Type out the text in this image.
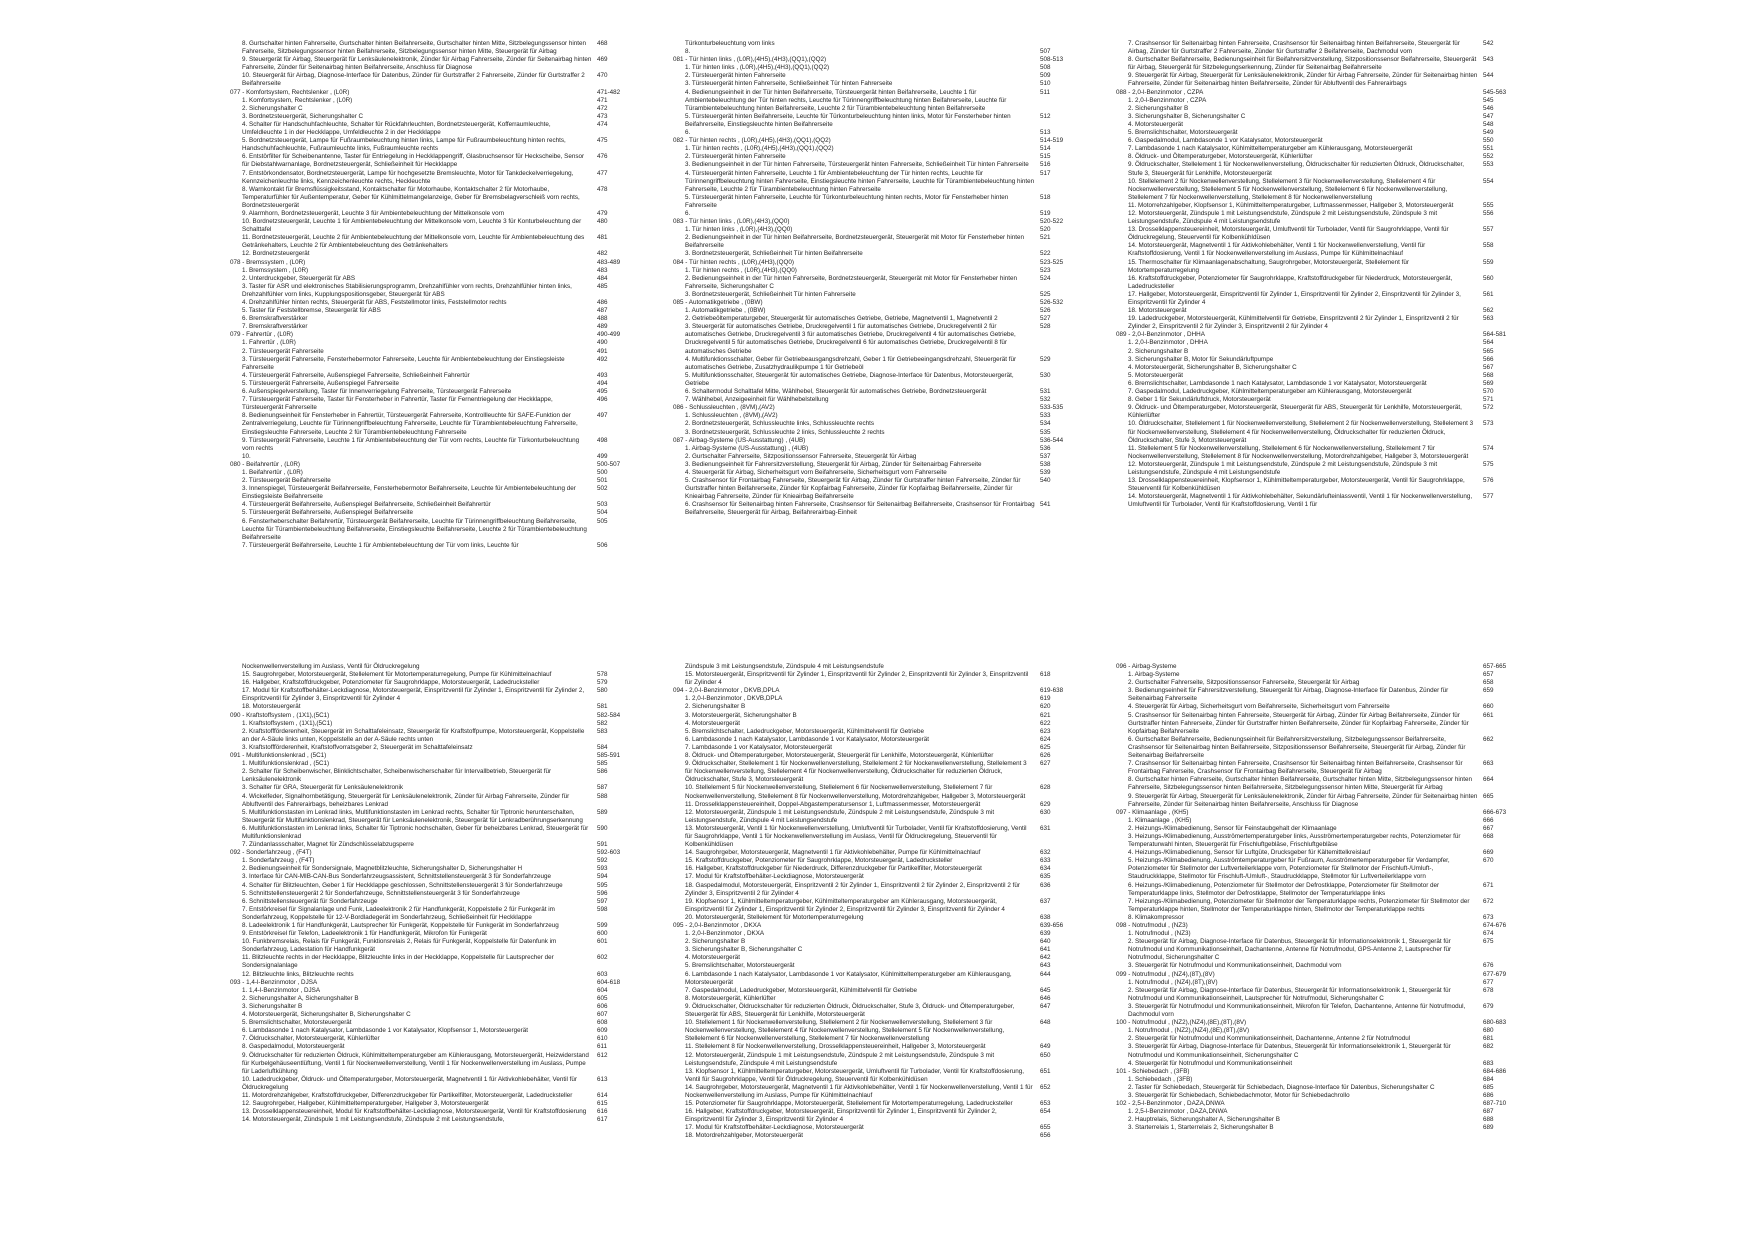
8. Gurtschalter hinten Fahrerseite, Gurtschalter hinten Beifahrerseite, Gurtschalter hinten Mitte, Sitzbelegungssensor hinten Fahrerseite, Sitzbelegungssensor hinten Beifahrerseite, Sitzbelegungssensor hinten Mitte, Steuergerät für Airbag
468
9. Steuergerät für Airbag, Steuergerät für Lenksäulenelektronik, Zünder für Airbag Fahrerseite, Zünder für Seitenairbag hinten Fahrerseite, Zünder für Seitenairbag hinten Beifahrerseite, Anschluss für Diagnose
469
10. Steuergerät für Airbag, Diagnose-Interface für Datenbus, Zünder für Gurtstraffer 2 Fahrerseite, Zünder für Gurtstraffer 2 Beifahrerseite
470
077 - Komfortsystem, Rechtslenker , (L0R)	471-482
1. Komfortsystem, Rechtslenker , (L0R)	471
2. Sicherungshalter C	472
3. Bordnetzsteuergerät, Sicherungshalter C	473
4. Schalter für Handschuhfachleuchte, Schalter für Rückfahrleuchten, Bordnetzsteuergerät, Kofferraumleuchte, Umfeldleuchte 1 in der Heckklappe, Umfeldleuchte 2 in der Heckklappe
474
5. Bordnetzsteuergerät, Lampe für Fußraumbeleuchtung hinten links, Lampe für Fußraumbeleuchtung hinten rechts, Handschuhfachleuchte, Fußraumleuchte links, Fußraumleuchte rechts
475
6. Entstörfilter für Scheibenantenne, Taster für Entriegelung in Heckklappengriff, Glasbruchsensor für Heckscheibe, Sensor für Diebstahlwarnanlage, Bordnetzsteuergerät, Schließeinheit für Heckklappe
476
7. Entstörkondensator, Bordnetzsteuergerät, Lampe für hochgesetzte Bremsleuchte, Motor für Tankdeckelverriegelung, Kennzeichenleuchte links, Kennzeichenleuchte rechts, Heckleuchte
477
8. Warnkontakt für Bremsflüssigkeitsstand, Kontaktschalter für Motorhaube, Kontaktschalter 2 für Motorhaube, Temperaturfühler für Außentemperatur, Geber für Kühlmittelmangelanzeige, Geber für Bremsbelagverschleiß vorn rechts, Bordnetzsteuergerät
478
9. Alarmhorn, Bordnetzsteuergerät, Leuchte 3 für Ambientebeleuchtung der Mittelkonsole vorn	479
10. Bordnetzsteuergerät, Leuchte 1 für Ambientebeleuchtung der Mittelkonsole vorn, Leuchte 3 für Konturbeleuchtung der Schalttafel
480
11. Bordnetzsteuergerät, Leuchte 2 für Ambientebeleuchtung der Mittelkonsole vorn, Leuchte für Ambientebeleuchtung des Getränkehalters, Leuchte 2 für Ambientebeleuchtung des Getränkehalters
481
12. Bordnetzsteuergerät	482
078 - Bremssystem , (L0R)	483-489
1. Bremssystem , (L0R)	483
2. Unterdruckgeber, Steuergerät für ABS	484
3. Taster für ASR und elektronisches Stabilisierungsprogramm, Drehzahlfühler vorn rechts, Drehzahlfühler hinten links, Drehzahlfühler vorn links, Kupplungspositionsgeber, Steuergerät für ABS
485
4. Drehzahlfühler hinten rechts, Steuergerät für ABS, Feststellmotor links, Feststellmotor rechts	486
5. Taster für Feststellbremse, Steuergerät für ABS	487
6. Bremskraftverstärker	488
7. Bremskraftverstärker	489
079 - Fahrertür , (L0R)	490-499
1. Fahrertür , (L0R)	490
2. Türsteuergerät Fahrerseite	491
3. Türsteuergerät Fahrerseite, Fensterhebermotor Fahrerseite, Leuchte für Ambientebeleuchtung der Einstiegsleiste Fahrerseite
492
4. Türsteuergerät Fahrerseite, Außenspiegel Fahrerseite, Schließeinheit Fahrertür	493
5. Türsteuergerät Fahrerseite, Außenspiegel Fahrerseite	494
6. Außenspiegelverstellung, Taster für Innenverriegelung Fahrerseite, Türsteuergerät Fahrerseite	495
7. Türsteuergerät Fahrerseite, Taster für Fensterheber in Fahrertür, Taster für Fernentriegelung der Heckklappe, Türsteuergerät Fahrerseite
496
8. Bedienungseinheit für Fensterheber in Fahrertür, Türsteuergerät Fahrerseite, Kontrollleuchte für SAFE-Funktion der Zentralverriegelung, Leuchte für Türinnengriffbeleuchtung Fahrerseite, Leuchte für Türambientebeleuchtung Fahrerseite, Einstiegsleuchte Fahrerseite, Leuchte 2 für Türambientebeleuchtung Fahrerseite
497
9. Türsteuergerät Fahrerseite, Leuchte 1 für Ambientebeleuchtung der Tür vorn rechts, Leuchte für Türkonturbeleuchtung vorn rechts
498
10.	499
080 - Beifahrertür , (L0R)	500-507
1. Beifahrertür , (L0R)	500
2. Türsteuergerät Beifahrerseite	501
3. Innenspiegel, Türsteuergerät Beifahrerseite, Fensterhebermotor Beifahrerseite, Leuchte für Ambientebeleuchtung der Einstiegsleiste Beifahrerseite
502
4. Türsteuergerät Beifahrerseite, Außenspiegel Beifahrerseite, Schließeinheit Beifahrertür	503
5. Türsteuergerät Beifahrerseite, Außenspiegel Beifahrerseite	504
6. Fensterheberschalter Beifahrertür, Türsteuergerät Beifahrerseite, Leuchte für Türinnengriffbeleuchtung Beifahrerseite, Leuchte für Türambientebeleuchtung Beifahrerseite, Einstiegsleuchte Beifahrerseite, Leuchte 2 für Türambientebeleuchtung Beifahrerseite
505
7. Türsteuergerät Beifahrerseite, Leuchte 1 für Ambientebeleuchtung der Tür vorn links, Leuchte für	506
Türkonturbeleuchtung vorn links
8.	507
081 - Tür hinten links , (L0R),(4H5),(4H3),(QQ1),(QQ2)	508-513
1. Tür hinten links , (L0R),(4H5),(4H3),(QQ1),(QQ2)	508
2. Türsteuergerät hinten Fahrerseite	509
3. Türsteuergerät hinten Fahrerseite, Schließeinheit Tür hinten Fahrerseite	510
4. Bedienungseinheit in der Tür hinten Beifahrerseite, Türsteuergerät hinten Beifahrerseite, Leuchte 1 für Ambientebeleuchtung der Tür hinten rechts, Leuchte für Türinnengriffbeleuchtung hinten Beifahrerseite, Leuchte für Türambientebeleuchtung hinten Beifahrerseite, Leuchte 2 für Türambientebeleuchtung hinten Beifahrerseite
511
5. Türsteuergerät hinten Beifahrerseite, Leuchte für Türkonturbeleuchtung hinten links, Motor für Fensterheber hinten Beifahrerseite, Einstiegsleuchte hinten Beifahrerseite
512
6.	513
082 - Tür hinten rechts , (L0R),(4H5),(4H3),(QQ1),(QQ2)	514-519
1. Tür hinten rechts , (L0R),(4H5),(4H3),(QQ1),(QQ2)	514
2. Türsteuergerät hinten Fahrerseite	515
3. Bedienungseinheit in der Tür hinten Fahrerseite, Türsteuergerät hinten Fahrerseite, Schließeinheit Tür hinten Fahrerseite 516
4. Türsteuergerät hinten Fahrerseite, Leuchte 1 für Ambientebeleuchtung der Tür hinten rechts, Leuchte für Türinnengriffbeleuchtung hinten Fahrerseite, Einstiegsleuchte hinten Fahrerseite, Leuchte für Türambientebeleuchtung hinten Fahrerseite, Leuchte 2 für Türambientebeleuchtung hinten Fahrerseite
517
5. Türsteuergerät hinten Fahrerseite, Leuchte für Türkonturbeleuchtung hinten rechts, Motor für Fensterheber hinten Fahrerseite
518
6.	519
083 - Tür hinten links , (L0R),(4H3),(QQ0)	520-522
1. Tür hinten links , (L0R),(4H3),(QQ0)	520
2. Bedienungseinheit in der Tür hinten Beifahrerseite, Bordnetzsteuergerät, Steuergerät mit Motor für Fensterheber hinten Beifahrerseite
521
3. Bordnetzsteuergerät, Schließeinheit Tür hinten Beifahrerseite	522
084 - Tür hinten rechts , (L0R),(4H3),(QQ0)	523-525
1. Tür hinten rechts , (L0R),(4H3),(QQ0)	523
2. Bedienungseinheit in der Tür hinten Fahrerseite, Bordnetzsteuergerät, Steuergerät mit Motor für Fensterheber hinten Fahrerseite, Sicherungshalter C
524
3. Bordnetzsteuergerät, Schließeinheit Tür hinten Fahrerseite	525
085 - Automatikgetriebe , (0BW)	526-532
1. Automatikgetriebe , (0BW)	526
2. Getriebeöltemperaturgeber, Steuergerät für automatisches Getriebe, Getriebe, Magnetventil 1, Magnetventil 2	527
3. Steuergerät für automatisches Getriebe, Druckregelventil 1 für automatisches Getriebe, Druckregelventil 2 für automatisches Getriebe, Druckregelventil 3 für automatisches Getriebe, Druckregelventil 4 für automatisches Getriebe, Druckregelventil 5 für automatisches Getriebe, Druckregelventil 6 für automatisches Getriebe, Druckregelventil 8 für automatisches Getriebe
528
4. Multifunktionsschalter, Geber für Getriebeausgangsdrehzahl, Geber 1 für Getriebeeingangsdrehzahl, Steuergerät für automatisches Getriebe, Zusatzhydraulikpumpe 1 für Getriebeöl
529
5. Multifunktionsschalter, Steuergerät für automatisches Getriebe, Diagnose-Interface für Datenbus, Motorsteuergerät, Getriebe
530
6. Schaltermodul Schalttafel Mitte, Wählhebel, Steuergerät für automatisches Getriebe, Bordnetzsteuergerät	531
7. Wählhebel, Anzeigeeinheit für Wählhebelstellung	532
086 - Schlussleuchten , (8VM),(AV2)	533-535
1. Schlussleuchten , (8VM),(AV2)	533
2. Bordnetzsteuergerät, Schlussleuchte links, Schlussleuchte rechts	534
3. Bordnetzsteuergerät, Schlussleuchte 2 links, Schlussleuchte 2 rechts	535
087 - Airbag-Systeme (US-Ausstattung) , (4UB)	536-544
1. Airbag-Systeme (US-Ausstattung) , (4UB)	536
2. Gurtschalter Fahrerseite, Sitzpositionssensor Fahrerseite, Steuergerät für Airbag	537
3. Bedienungseinheit für Fahrersitzverstellung, Steuergerät für Airbag, Zünder für Seitenairbag Fahrerseite	538
4. Steuergerät für Airbag, Sicherheitsgurt vorn Beifahrerseite, Sicherheitsgurt vorn Fahrerseite	539
5. Crashsensor für Frontairbag Fahrerseite, Steuergerät für Airbag, Zünder für Gurtstraffer hinten Fahrerseite, Zünder für Gurtstraffer hinten Beifahrerseite, Zünder für Kopfairbag Fahrerseite, Zünder für Kopfairbag Beifahrerseite, Zünder für Knieairbag Fahrerseite, Zünder für Knieairbag Beifahrerseite
540
6. Crashsensor für Seitenairbag hinten Fahrerseite, Crashsensor für Seitenairbag Beifahrerseite, Crashsensor für Frontairbag Beifahrerseite, Steuergerät für Airbag, Beifahrerairbag-Einheit
541
7. Crashsensor für Seitenairbag hinten Fahrerseite, Crashsensor für Seitenairbag hinten Beifahrerseite, Steuergerät für Airbag, Zünder für Gurtstraffer 2 Fahrerseite, Zünder für Gurtstraffer 2 Beifahrerseite, Dachmodul vorn
542
8. Gurtschalter Beifahrerseite, Bedienungseinheit für Beifahrersitzverstellung, Sitzpositionssensor Beifahrerseite, Steuergerät für Airbag, Steuergerät für Sitzbelegungserkennung, Zünder für Seitenairbag Beifahrerseite
543
9. Steuergerät für Airbag, Steuergerät für Lenksäulenelektronik, Zünder für Airbag Fahrerseite, Zünder für Seitenairbag hinten Fahrerseite, Zünder für Seitenairbag hinten Beifahrerseite, Zünder für Abluftventil des Fahrerairbags
544
088 - 2,0-l-Benzinmotor , CZPA	545-563
1. 2,0-l-Benzinmotor , CZPA	545
2. Sicherungshalter B	546
3. Sicherungshalter B, Sicherungshalter C	547
4. Motorsteuergerät	548
5. Bremslichtschalter, Motorsteuergerät	549
6. Gaspedalmodul, Lambdasonde 1 vor Katalysator, Motorsteuergerät	550
7. Lambdasonde 1 nach Katalysator, Kühlmitteltemperaturgeber am Kühlerausgang, Motorsteuergerät	551
8. Öldruck- und Öltemperaturgeber, Motorsteuergerät, Kühlerlüfter	552
9. Öldruckschalter, Stellelement 1 für Nockenwellenverstellung, Öldruckschalter für reduzierten Öldruck, Öldruckschalter, Stufe 3, Steuergerät für Lenkhilfe, Motorsteuergerät
553
10. Stellelement 2 für Nockenwellenverstellung, Stellelement 3 für Nockenwellenverstellung, Stellelement 4 für Nockenwellenverstellung, Stellelement 5 für Nockenwellenverstellung, Stellelement 6 für Nockenwellenverstellung, Stellelement 7 für Nockenwellenverstellung, Stellelement 8 für Nockenwellenverstellung
554
11. Motorrehzahlgeber, Klopfsensor 1, Kühlmitteltemperaturgeber, Luftmassenmesser, Hallgeber 3, Motorsteuergerät	555
12. Motorsteuergerät, Zündspule 1 mit Leistungsendstufe, Zündspule 2 mit Leistungsendstufe, Zündspule 3 mit Leistungsendstufe, Zündspule 4 mit Leistungsendstufe
556
13. Drosselklappensteuereinheit, Motorsteuergerät, Umluftventil für Turbolader, Ventil für Saugrohrklappe, Ventil für Öldruckregelung, Steuerventil für Kolbenkühldüsen
557
14. Motorsteuergerät, Magnetventil 1 für Aktivkohlebehälter, Ventil 1 für Nockenwellenverstellung, Ventil für Kraftstoffdosierung, Ventil 1 für Nockenwellenverstellung im Auslass, Pumpe für Kühlmittelnachlauf
558
15. Thermoschalter für Klimaanlagenabschaltung, Saugrohrgeber, Motorsteuergerät, Stellelement für Motortemperaturregelung
559
16. Kraftstoffdruckgeber, Potenziometer für Saugrohrklappe, Kraftstoffdruckgeber für Niederdruck, Motorsteuergerät, Ladedrucksteller
560
17. Hallgeber, Motorsteuergerät, Einspritzventil für Zylinder 1, Einspritzventil für Zylinder 2, Einspritzventil für Zylinder 3, Einspritzventil für Zylinder 4
561
18. Motorsteuergerät	562
19. Ladedruckgeber, Motorsteuergerät, Kühlmittelventil für Getriebe, Einspritzventil 2 für Zylinder 1, Einspritzventil 2 für Zylinder 2, Einspritzventil 2 für Zylinder 3, Einspritzventil 2 für Zylinder 4
563
089 - 2,0-l-Benzinmotor , DHHA	564-581
1. 2,0-l-Benzinmotor , DHHA	564
2. Sicherungshalter B	565
3. Sicherungshalter B, Motor für Sekundärluftpumpe	566
4. Motorsteuergerät, Sicherungshalter B, Sicherungshalter C	567
5. Motorsteuergerät	568
6. Bremslichtschalter, Lambdasonde 1 nach Katalysator, Lambdasonde 1 vor Katalysator, Motorsteuergerät	569
7. Gaspedalmodul, Ladedruckgeber, Kühlmitteltemperaturgeber am Kühlerausgang, Motorsteuergerät	570
8. Geber 1 für Sekundärluftdruck, Motorsteuergerät	571
9. Öldruck- und Öltemperaturgeber, Motorsteuergerät, Steuergerät für ABS, Steuergerät für Lenkhilfe, Motorsteuergerät, Kühlerlüfter
572
10. Öldruckschalter, Stellelement 1 für Nockenwellenverstellung, Stellelement 2 für Nockenwellenverstellung, Stellelement 3 für Nockenwellenverstellung, Stellelement 4 für Nockenwellenverstellung, Öldruckschalter für reduzierten Öldruck, Öldruckschalter, Stufe 3, Motorsteuergerät
573
11. Stellelement 5 für Nockenwellenverstellung, Stellelement 6 für Nockenwellenverstellung, Stellelement 7 für Nockenwellenverstellung, Stellelement 8 für Nockenwellenverstellung, Motordrehzahlgeber, Hallgeber 3, Motorsteuergerät
574
12. Motorsteuergerät, Zündspule 1 mit Leistungsendstufe, Zündspule 2 mit Leistungsendstufe, Zündspule 3 mit Leistungsendstufe, Zündspule 4 mit Leistungsendstufe
575
13. Drosselklappensteuereinheit, Klopfsensor 1, Kühlmitteltemperaturgeber, Motorsteuergerät, Ventil für Saugrohrklappe, Steuerventil für Kolbenkühldüsen
576
14. Motorsteuergerät, Magnetventil 1 für Aktivkohlebehälter, Sekundärlufteinlassventil, Ventil 1 für Nockenwellenverstellung, Umluftventil für Turbolader, Ventil für Kraftstoffdosierung, Ventil 1 für
577
Nockenwellenverstellung im Auslass, Ventil für Öldruckregelung
15. Saugrohrgeber, Motorsteuergerät, Stellelement für Motortemperaturregelung, Pumpe für Kühlmittelnachlauf	578
16. Hallgeber, Kraftstoffdruckgeber, Potenziometer für Saugrohrklappe, Motorsteuergerät, Ladedrucksteller	579
17. Modul für Kraftstoffbehälter-Leckdiagnose, Motorsteuergerät, Einspritzventil für Zylinder 1, Einspritzventil für Zylinder 2, Einspritzventil für Zylinder 3, Einspritzventil für Zylinder 4
580
18. Motorsteuergerät	581
090 - Kraftstoffsystem , (1X1),(5C1)	582-584
1. Kraftstoffsystem , (1X1),(5C1)	582
2. Kraftstoffförderenheit, Steuergerät im Schalttafeleinsatz, Steuergerät für Kraftstoffpumpe, Motorsteuergerät, Koppelstelle an der A-Säule links unten, Koppelstelle an der A-Säule rechts unten
583
3. Kraftstoffförderenheit, Kraftstoffvorratsgeber 2, Steuergerät im Schalttafeleinsatz	584
091 - Multifunktionslenkrad , (5C1)	585-591
1. Multifunktionslenkrad , (5C1)	585
2. Schalter für Scheibenwischer, Blinklichtschalter, Scheibenwischerschalter für Intervallbetrieb, Steuergerät für Lenksäulenelektronik
586
3. Schalter für GRA, Steuergerät für Lenksäulenelektronik	587
4. Wickelfeder, Signalhornbetätigung, Steuergerät für Lenksäulenelektronik, Zünder für Airbag Fahrerseite, Zünder für Abluftventil des Fahrerairbags, beheizbares Lenkrad
588
5. Multifunktionstasten im Lenkrad links, Multifunktionstasten im Lenkrad rechts, Schalter für Tiptronic herunterschalten, Steuergerät für Multifunktionslenkrad, Steuergerät für Lenksäulenelektronik, Steuergerät für Lenkradberührungserkennung
589
6. Multifunktionstasten im Lenkrad links, Schalter für Tiptronic hochschalten, Geber für beheizbares Lenkrad, Steuergerät für Multifunktionslenkrad
590
7. Zündanlassschalter, Magnet für Zündschlüsselabzugsperre	591
092 - Sonderfahrzeug , (F4T)	592-603
1. Sonderfahrzeug , (F4T)	592
2. Bedienungseinheit für Sondersignale, Magnetblitzleuchte, Sicherungshalter D, Sicherungshalter H	593
3. Interface für CAN-MIB-CAN-Bus Sonderfahrzeugsassistent, Schnittstellensteuergerät 3 für Sonderfahrzeuge	594
4. Schalter für Blitzleuchten, Geber 1 für Heckklappe geschlossen, Schnittstellensteuergerät 3 für Sonderfahrzeuge	595
5. Schnittstellensteuergerät 2 für Sonderfahrzeuge, Schnittstellensteuergerät 3 für Sonderfahrzeuge	596
6. Schnittstellensteuergerät für Sonderfahrzeuge	597
7. Entstörkreisel für Signalanlage und Funk, Ladeelektronik 2 für Handfunkgerät, Koppelstelle 2 für Funkgerät im Sonderfahrzeug, Koppelstelle für 12-V-Bordladegerät im Sonderfahrzeug, Schließeinheit für Heckklappe
598
8. Ladeelektronik 1 für Handfunkgerät, Lautsprecher für Funkgerät, Koppelstelle für Funkgerät im Sonderfahrzeug	599
9. Entstörkreisel für Telefon, Ladeelektronik 1 für Handfunkgerät, Mikrofon für Funkgerät	600
10. Funkbremsrelais, Relais für Funkgerät, Funktionsrelais 2, Relais für Funkgerät, Koppelstelle für Datenfunk im Sonderfahrzeug, Ladestation für Handfunkgerät
601
11. Blitzleuchte rechts in der Heckklappe, Blitzleuchte links in der Heckklappe, Koppelstelle für Lautsprecher der Sondersignalanlage
602
12. Blitzleuchte links, Blitzleuchte rechts	603
093 - 1,4-l-Benzinmotor , DJSA	604-618
1. 1,4-l-Benzinmotor , DJSA	604
2. Sicherungshalter A, Sicherungshalter B	605
3. Sicherungshalter B	606
4. Motorsteuergerät, Sicherungshalter B, Sicherungshalter C	607
5. Bremslichtschalter, Motorsteuergerät	608
6. Lambdasonde 1 nach Katalysator, Lambdasonde 1 vor Katalysator, Klopfsensor 1, Motorsteuergerät	609
7. Öldruckschalter, Motorsteuergerät, Kühlerlüfter	610
8. Gaspedalmodul, Motorsteuergerät	611
9. Öldruckschalter für reduzierten Öldruck, Kühlmitteltemperaturgeber am Kühlerausgang, Motorsteuergerät, Heizwiderstand für Kurbelgehäuseentlüftung, Ventil 1 für Nockenwellenverstellung, Ventil 1 für Nockenwellenverstellung im Auslass, Pumpe für Laderluftkühlung
612
10. Ladedruckgeber, Öldruck- und Öltemperaturgeber, Motorsteuergerät, Magnetventil 1 für Aktivkohlebehälter, Ventil für Öldruckregelung
613
11. Motordrehzahlgeber, Kraftstoffdruckgeber, Differenzdruckgeber für Partikelfilter, Motorsteuergerät, Ladedrucksteller	614
12. Saugrohrgeber, Hallgeber, Kühlmitteltemperaturgeber, Hallgeber 3, Motorsteuergerät	615
13. Drosselklappensteuereinheit, Modul für Kraftstoffbehälter-Leckdiagnose, Motorsteuergerät, Ventil für Kraftstoffdosierung 616
14. Motorsteuergerät, Zündspule 1 mit Leistungsendstufe, Zündspule 2 mit Leistungsendstufe,	617
Zündspule 3 mit Leistungsendstufe, Zündspule 4 mit Leistungsendstufe
15. Motorsteuergerät, Einspritzventil für Zylinder 1, Einspritzventil für Zylinder 2, Einspritzventil für Zylinder 3, Einspritzventil für Zylinder 4
618
094 - 2,0-l-Benzinmotor , DKVB,DPLA	619-638
1. 2,0-l-Benzinmotor , DKVB,DPLA	619
2. Sicherungshalter B	620
3. Motorsteuergerät, Sicherungshalter B	621
4. Motorsteuergerät	622
5. Bremslichtschalter, Ladedruckgeber, Motorsteuergerät, Kühlmittelventil für Getriebe	623
6. Lambdasonde 1 nach Katalysator, Lambdasonde 1 vor Katalysator, Motorsteuergerät	624
7. Lambdasonde 1 vor Katalysator, Motorsteuergerät	625
8. Öldruck- und Öltemperaturgeber, Motorsteuergerät, Steuergerät für Lenkhilfe, Motorsteuergerät, Kühlerlüfter	626
9. Öldruckschalter, Stellelement 1 für Nockenwellenverstellung, Stellelement 2 für Nockenwellenverstellung, Stellelement 3 für Nockenwellenverstellung, Stellelement 4 für Nockenwellenverstellung, Öldruckschalter für reduzierten Öldruck, Öldruckschalter, Stufe 3, Motorsteuergerät
627
10. Stellelement 5 für Nockenwellenverstellung, Stellelement 6 für Nockenwellenverstellung, Stellelement 7 für Nockenwellenverstellung, Stellelement 8 für Nockenwellenverstellung, Motordrehzahlgeber, Hallgeber 3, Motorsteuergerät
628
11. Drosselklappensteuereinheit, Doppel-Abgastemperatursensor 1, Luftmassenmesser, Motorsteuergerät	629
12. Motorsteuergerät, Zündspule 1 mit Leistungsendstufe, Zündspule 2 mit Leistungsendstufe, Zündspule 3 mit Leistungsendstufe, Zündspule 4 mit Leistungsendstufe
630
13. Motorsteuergerät, Ventil 1 für Nockenwellenverstellung, Umluftventil für Turbolader, Ventil für Kraftstoffdosierung, Ventil für Saugrohrklappe, Ventil 1 für Nockenwellenverstellung im Auslass, Ventil für Öldruckregelung, Steuerventil für Kolbenkühldüsen
631
14. Saugrohrgeber, Motorsteuergerät, Magnetventil 1 für Aktivkohlebehälter, Pumpe für Kühlmittelnachlauf	632
15. Kraftstoffdruckgeber, Potenziometer für Saugrohrklappe, Motorsteuergerät, Ladedrucksteller	633
16. Hallgeber, Kraftstoffdruckgeber für Niederdruck, Differenzdruckgeber für Partikelfilter, Motorsteuergerät	634
17. Modul für Kraftstoffbehälter-Leckdiagnose, Motorsteuergerät	635
18. Gaspedalmodul, Motorsteuergerät, Einspritzventil 2 für Zylinder 1, Einspritzventil 2 für Zylinder 2, Einspritzventil 2 für Zylinder 3, Einspritzventil 2 für Zylinder 4
636
19. Klopfsensor 1, Kühlmitteltemperaturgeber, Kühlmitteltemperaturgeber am Kühlerausgang, Motorsteuergerät, Einspritzventil für Zylinder 1, Einspritzventil für Zylinder 2, Einspritzventil für Zylinder 3, Einspritzventil für Zylinder 4
637
20. Motorsteuergerät, Stellelement für Motortemperaturregelung	638
095 - 2,0-l-Benzinmotor , DKXA	639-656
1. 2,0-l-Benzinmotor , DKXA	639
2. Sicherungshalter B	640
3. Sicherungshalter B, Sicherungshalter C	641
4. Motorsteuergerät	642
5. Bremslichtschalter, Motorsteuergerät	643
6. Lambdasonde 1 nach Katalysator, Lambdasonde 1 vor Katalysator, Kühlmitteltemperaturgeber am Kühlerausgang, Motorsteuergerät
644
7. Gaspedalmodul, Ladedruckgeber, Motorsteuergerät, Kühlmittelventil für Getriebe	645
8. Motorsteuergerät, Kühlerlüfter	646
9. Öldruckschalter, Öldruckschalter für reduzierten Öldruck, Öldruckschalter, Stufe 3, Öldruck- und Öltemperaturgeber, Steuergerät für ABS, Steuergerät für Lenkhilfe, Motorsteuergerät
647
10. Stellelement 1 für Nockenwellenverstellung, Stellelement 2 für Nockenwellenverstellung, Stellelement 3 für Nockenwellenverstellung, Stellelement 4 für Nockenwellenverstellung, Stellelement 5 für Nockenwellenverstellung, Stellelement 6 für Nockenwellenverstellung, Stellelement 7 für Nockenwellenverstellung
648
11. Stellelement 8 für Nockenwellenverstellung, Drosselklappensteuereinheit, Hallgeber 3, Motorsteuergerät	649
12. Motorsteuergerät, Zündspule 1 mit Leistungsendstufe, Zündspule 2 mit Leistungsendstufe, Zündspule 3 mit Leistungsendstufe, Zündspule 4 mit Leistungsendstufe
650
13. Klopfsensor 1, Kühlmitteltemperaturgeber, Motorsteuergerät, Umluftventil für Turbolader, Ventil für Kraftstoffdosierung, Ventil für Saugrohrklappe, Ventil für Öldruckregelung, Steuerventil für Kolbenkühldüsen
651
14. Saugrohrgeber, Motorsteuergerät, Magnetventil 1 für Aktivkohlebehälter, Ventil 1 für Nockenwellenverstellung, Ventil 1 für Nockenwellenverstellung im Auslass, Pumpe für Kühlmittelnachlauf
652
15. Potenziometer für Saugrohrklappe, Motorsteuergerät, Stellelement für Motortemperaturregelung, Ladedrucksteller	653
16. Hallgeber, Kraftstoffdruckgeber, Motorsteuergerät, Einspritzventil für Zylinder 1, Einspritzventil für Zylinder 2, Einspritzventil für Zylinder 3, Einspritzventil für Zylinder 4
654
17. Modul für Kraftstoffbehälter-Leckdiagnose, Motorsteuergerät	655
18. Motordrehzahlgeber, Motorsteuergerät	656
096 - Airbag-Systeme	657-665
1. Airbag-Systeme	657
2. Gurtschalter Fahrerseite, Sitzpositionssensor Fahrerseite, Steuergerät für Airbag	658
3. Bedienungseinheit für Fahrersitzverstellung, Steuergerät für Airbag, Diagnose-Interface für Datenbus, Zünder für Seitenairbag Fahrerseite
659
4. Steuergerät für Airbag, Sicherheitsgurt vorn Beifahrerseite, Sicherheitsgurt vorn Fahrerseite	660
5. Crashsensor für Seitenairbag hinten Fahrerseite, Steuergerät für Airbag, Zünder für Airbag Beifahrerseite, Zünder für Gurtstraffer hinten Fahrerseite, Zünder für Gurtstraffer hinten Beifahrerseite, Zünder für Kopfairbag Fahrerseite, Zünder für Kopfairbag Beifahrerseite
661
6. Gurtschalter Beifahrerseite, Bedienungseinheit für Beifahrersitzverstellung, Sitzbelegungssensor Beifahrerseite, Crashsensor für Seitenairbag hinten Beifahrerseite, Sitzpositionssensor Beifahrerseite, Steuergerät für Airbag, Zünder für Seitenairbag Beifahrerseite
662
7. Crashsensor für Seitenairbag hinten Fahrerseite, Crashsensor für Seitenairbag hinten Beifahrerseite, Crashsensor für Frontairbag Fahrerseite, Crashsensor für Frontairbag Beifahrerseite, Steuergerät für Airbag
663
8. Gurtschalter hinten Fahrerseite, Gurtschalter hinten Beifahrerseite, Gurtschalter hinten Mitte, Sitzbelegungssensor hinten Fahrerseite, Sitzbelegungssensor hinten Beifahrerseite, Sitzbelegungssensor hinten Mitte, Steuergerät für Airbag
664
9. Steuergerät für Airbag, Steuergerät für Lenksäulenelektronik, Zünder für Airbag Fahrerseite, Zünder für Seitenairbag hinten Fahrerseite, Zünder für Seitenairbag hinten Beifahrerseite, Anschluss für Diagnose
665
097 - Klimaanlage , (KH5)	666-673
1. Klimaanlage , (KH5)	666
2. Heizungs-/Klimabedienung, Sensor für Feinstaubgehalt der Klimaanlage	667
3. Heizungs-/Klimabedienung, Ausströmertemperaturgeber links, Ausströmertemperaturgeber rechts, Potenziometer für Temperaturwahl hinten, Steuergerät für Frischluftgebläse, Frischluftgebläse
668
4. Heizungs-/Klimabedienung, Sensor für Luftgüte, Drucksgeber für Kältemittelkreislauf	669
5. Heizungs-/Klimabedienung, Ausströmtemperaturgeber für Fußraum, Ausströmertemperaturgeber für Verdampfer, Potenziometer für Stellmotor der Luftverteilerklappe vorn, Potenziometer für Stellmotor der Frischluft-/Umluft-, Staudruckklappe, Stellmotor für Frischluft-/Umluft-, Staudruckklappe, Stellmotor für Luftverteilerklappe vorn
670
6. Heizungs-/Klimabedienung, Potenziometer für Stellmotor der Defrostklappe, Potenziometer für Stellmotor der Temperaturklappe links, Stellmotor der Defrostklappe, Stellmotor der Temperaturklappe links
671
7. Heizungs-/Klimabedienung, Potenziometer für Stellmotor der Temperaturklappe rechts, Potenziometer für Stellmotor der Temperaturklappe hinten, Stellmotor der Temperaturklappe hinten, Stellmotor der Temperaturklappe rechts
672
8. Klimakompressor	673
098 - Notrufmodul , (NZ3)	674-676
1. Notrufmodul , (NZ3)	674
2. Steuergerät für Airbag, Diagnose-Interface für Datenbus, Steuergerät für Informationselektronik 1, Steuergerät für Notrufmodul und Kommunikationseinheit, Dachantenne, Antenne für Notrufmodul, GPS-Antenne 2, Lautsprecher für Notrufmodul, Sicherungshalter C
675
3. Steuergerät für Notrufmodul und Kommunikationseinheit, Dachmodul vorn	676
099 - Notrufmodul , (NZ4),(8T),(8V)	677-679
1. Notrufmodul , (NZ4),(8T),(8V)	677
2. Steuergerät für Airbag, Diagnose-Interface für Datenbus, Steuergerät für Informationselektronik 1, Steuergerät für Notrufmodul und Kommunikationseinheit, Lautsprecher für Notrufmodul, Sicherungshalter C
678
3. Steuergerät für Notrufmodul und Kommunikationseinheit, Mikrofon für Telefon, Dachantenne, Antenne für Notrufmodul, Dachmodul vorn
679
100 - Notrufmodul , (NZ2),(NZ4),(8E),(8T),(8V)	680-683
1. Notrufmodul , (NZ2),(NZ4),(8E),(8T),(8V)	680
2. Steuergerät für Notrufmodul und Kommunikationseinheit, Dachantenne, Antenne 2 für Notrufmodul	681
3. Steuergerät für Airbag, Diagnose-Interface für Datenbus, Steuergerät für Informationselektronik 1, Steuergerät für Notrufmodul und Kommunikationseinheit, Sicherungshalter C
682
4. Steuergerät für Notrufmodul und Kommunikationseinheit	683
101 - Schiebedach , (3FB)	684-686
1. Schiebedach , (3FB)	684
2. Taster für Schiebedach, Steuergerät für Schiebedach, Diagnose-Interface für Datenbus, Sicherungshalter C	685
3. Steuergerät für Schiebedach, Schiebedachmotor, Motor für Schiebedachrollo	686
102 - 2,5-l-Benzinmotor , DAZA,DNWA	687-710
1. 2,5-l-Benzinmotor , DAZA,DNWA	687
2. Hauptrelais, Sicherungshalter A, Sicherungshalter B	688
3. Starterrelais 1, Starterrelais 2, Sicherungshalter B	689
